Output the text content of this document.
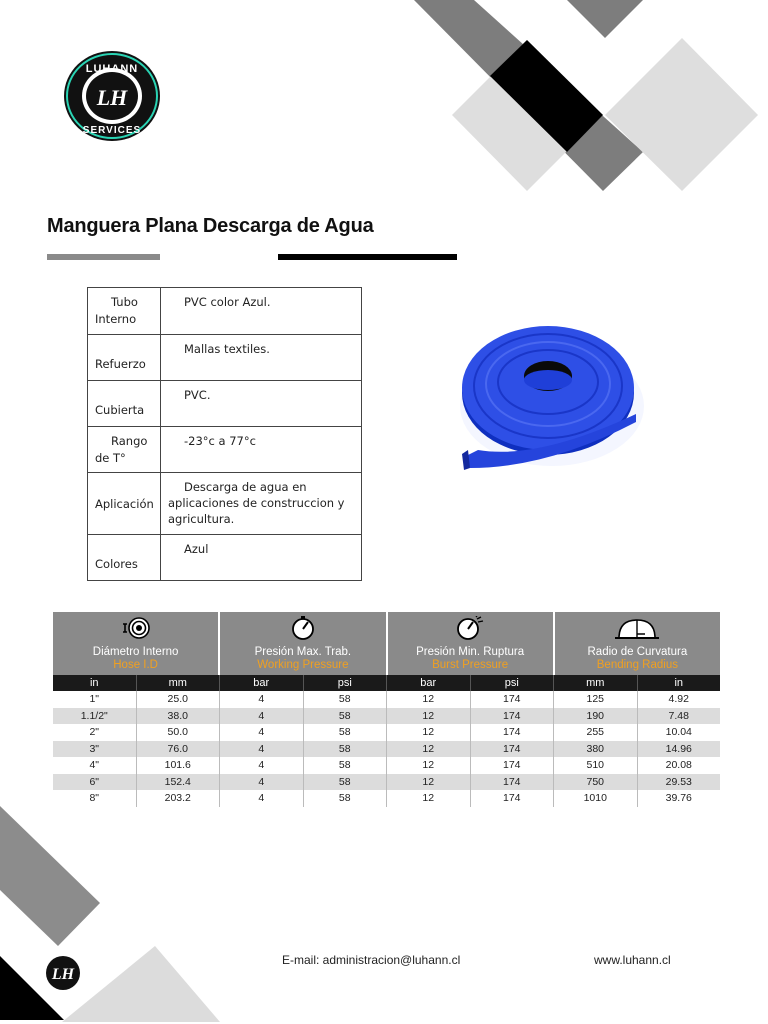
LUHANN
LH
SERVICES
Manguera Plana Descarga de Agua
Tubo
Interno	PVC color Azul.

Refuerzo	Mallas textiles.

Cubierta	PVC.
Rango
de T°	-23°c a 77°c
Aplicación	Descarga de agua en
aplicaciones de construccion y
agricultura.

Colores	Azul
Diámetro Interno
Hose I.D
Presión Max. Trab.
Working Pressure
Presión Min. Ruptura
Burst Pressure
Radio de Curvatura
Bending Radius
in	mm	bar	psi	bar	psi	mm	in
1"	25.0	4	58	12	174	125	4.92
1.1/2"	38.0	4	58	12	174	190	7.48
2"	50.0	4	58	12	174	255	10.04
3"	76.0	4	58	12	174	380	14.96
4"	101.6	4	58	12	174	510	20.08
6"	152.4	4	58	12	174	750	29.53
8"	203.2	4	58	12	174	1010	39.76
LH
E-mail: administracion@luhann.cl	www.luhann.cl
